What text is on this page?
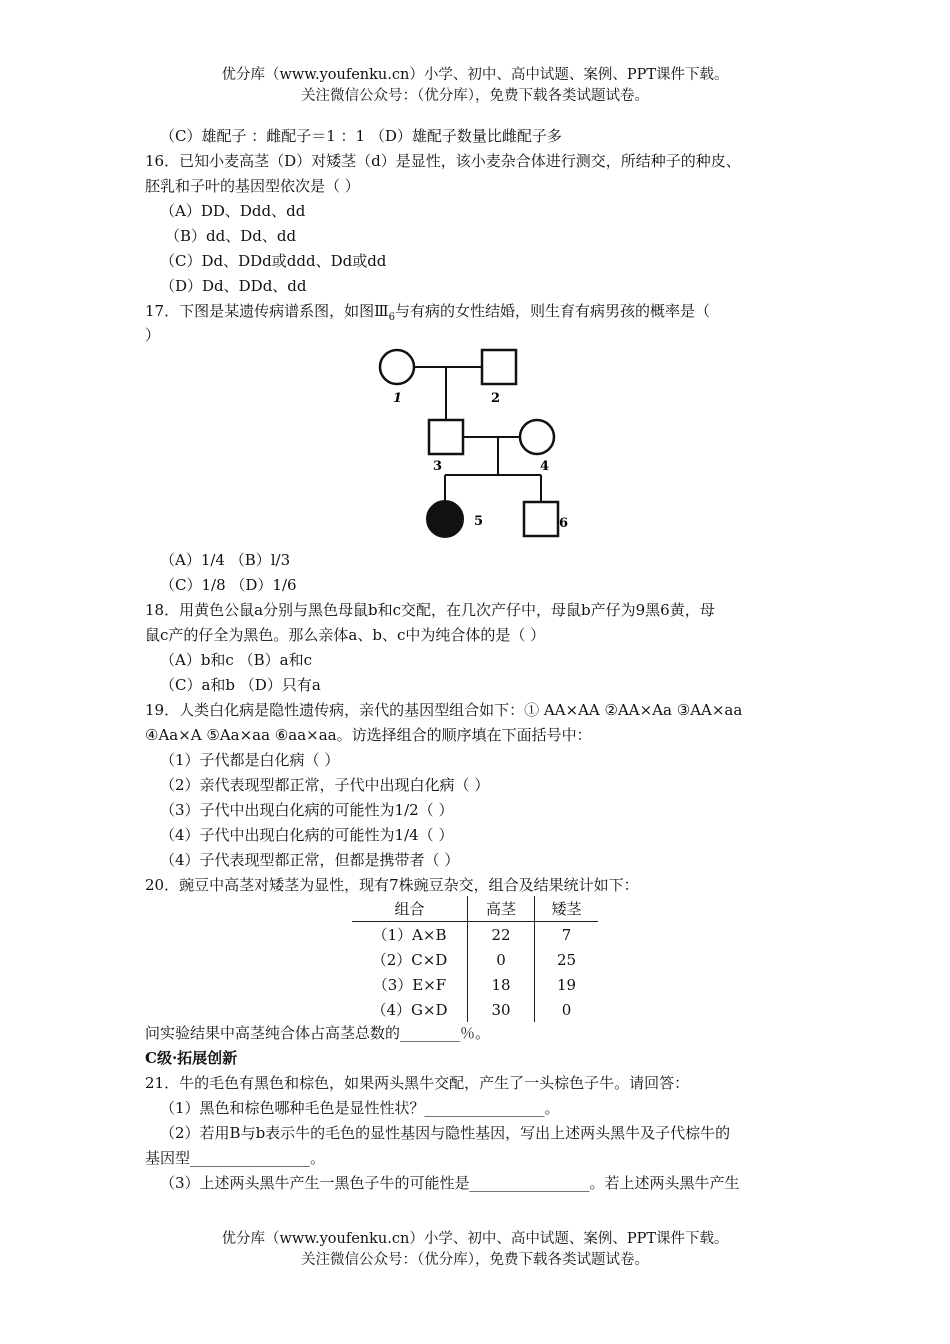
优分库（www.youfenku.cn）小学、初中、高中试题、案例、PPT课件下载。
关注微信公众号：（优分库），免费下载各类试题试卷。
（C）雄配子 ：雌配子＝1 ：1 （D）雄配子数量比雌配子多
16．已知小麦高茎（D）对矮茎（d）是显性，该小麦杂合体进行测交，所结种子的种皮、
胚乳和子叶的基因型依次是（ ）
（A）DD、Ddd、dd
（B）dd、Dd、dd
（C）Dd、DDd或ddd、Dd或dd
（D）Dd、DDd、dd
17．下图是某遗传病谱系图，如图$Ⅲ_6$与有病的女性结婚，则生育有病男孩的概率是（
）
1	2
3	4
5	6
（A）1/4 （B）l/3
（C）1/8 （D）1/6
18．用黄色公鼠a分别与黑色母鼠b和c交配，在几次产仔中，母鼠b产仔为9黑6黄，母
鼠c产的仔全为黑色。那么亲体a、b、c中为纯合体的是（ ）
（A）b和c （B）a和c
（C）a和b （D）只有a
19．人类白化病是隐性遗传病，亲代的基因型组合如下：① AA×AA ②AA×Aa ③AA×aa
④Aa×A ⑤Aa×aa ⑥aa×aa。访选择组合的顺序填在下面括号中：
（1）子代都是白化病（ ）
（2）亲代表现型都正常，子代中出现白化病（ ）
（3）子代中出现白化病的可能性为1/2（ ）
（4）子代中出现白化病的可能性为1/4（ ）
（4）子代表现型都正常，但都是携带者（ ）
20．豌豆中高茎对矮茎为显性，现有7株豌豆杂交，组合及结果统计如下：
组合	高茎	矮茎
（1）A×B	22	7
（2）C×D	0	25
（3）E×F	18	19
（4）G×D	30	0
问实验结果中高茎纯合体占高茎总数的________％。
C级·拓展创新
21．牛的毛色有黑色和棕色，如果两头黑牛交配，产生了一头棕色子牛。请回答：
（1）黑色和棕色哪种毛色是显性性状？________________。
（2）若用B与b表示牛的毛色的显性基因与隐性基因，写出上述两头黑牛及子代棕牛的
基因型________________。
（3）上述两头黑牛产生一黑色子牛的可能性是________________。若上述两头黑牛产生
优分库（www.youfenku.cn）小学、初中、高中试题、案例、PPT课件下载。
关注微信公众号：（优分库），免费下载各类试题试卷。
